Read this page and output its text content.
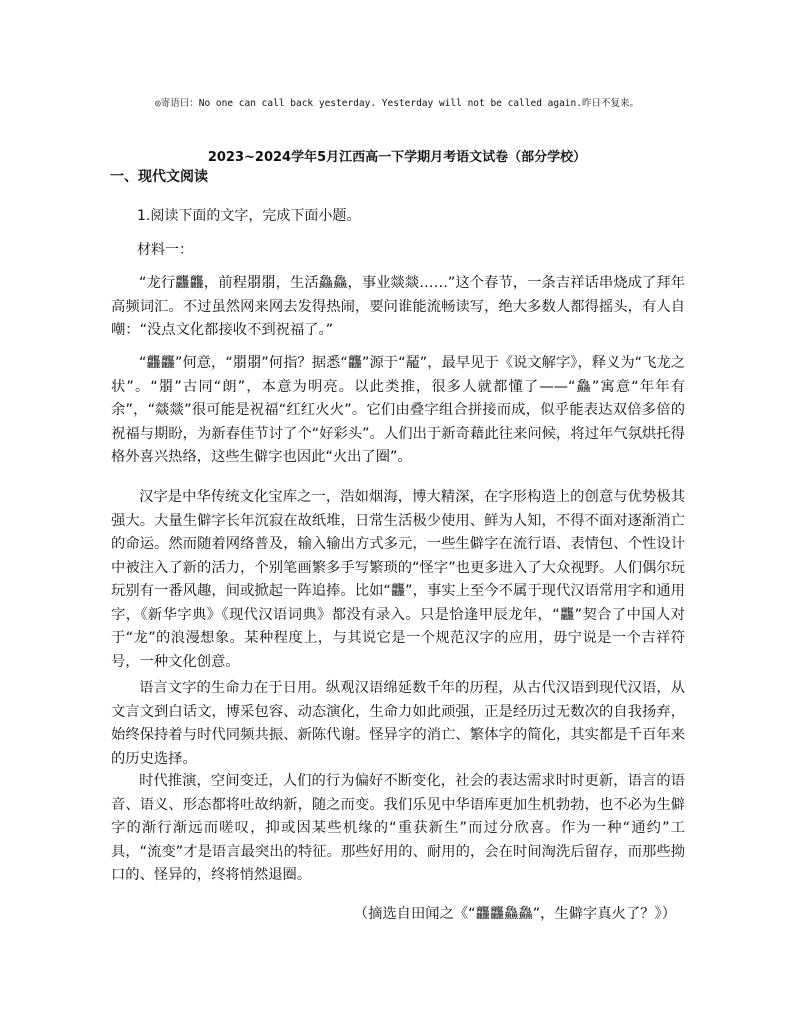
◎寄语曰：No one can call back yesterday. Yesterday will not be called again.昨日不复来。
2023~2024学年5月江西高一下学期月考语文试卷（部分学校）
一、现代文阅读
1.阅读下面的文字，完成下面小题。
材料一：

“龙行龘龘，前程朤朤，生活鱻鱻，事业燚燚……”这个春节，一条吉祥话串烧成了拜年高频词汇。不过虽然网来网去发得热闹，要问谁能流畅读写，绝大多数人都得摇头，有人自嘲：“没点文化都接收不到祝福了。”

“龘龘”何意，“朤朤”何指？据悉“龘”源于“䶬”，最早见于《说文解字》，释义为“飞龙之状”。“朤”古同“朗”，本意为明亮。以此类推，很多人就都懂了——“鱻”寓意“年年有余”，“燚燚”很可能是祝福“红红火火”。它们由叠字组合拼接而成，似乎能表达双倍多倍的祝福与期盼，为新春佳节讨了个“好彩头”。人们出于新奇藉此往来问候，将过年气氛烘托得格外喜兴热络，这些生僻字也因此“火出了圈”。

汉字是中华传统文化宝库之一，浩如烟海，博大精深，在字形构造上的创意与优势极其强大。大量生僻字长年沉寂在故纸堆，日常生活极少使用、鲜为人知，不得不面对逐渐消亡的命运。然而随着网络普及，输入输出方式多元，一些生僻字在流行语、表情包、个性设计中被注入了新的活力，个别笔画繁多手写繁琐的“怪字”也更多进入了大众视野。人们偶尔玩玩别有一番风趣，间或掀起一阵追捧。比如“龘”，事实上至今不属于现代汉语常用字和通用字，《新华字典》《现代汉语词典》都没有录入。只是恰逢甲辰龙年，“龘”契合了中国人对于“龙”的浪漫想象。某种程度上，与其说它是一个规范汉字的应用，毋宁说是一个吉祥符号，一种文化创意。

语言文字的生命力在于日用。纵观汉语绵延数千年的历程，从古代汉语到现代汉语，从文言文到白话文，博采包容、动态演化，生命力如此顽强，正是经历过无数次的自我扬弃，始终保持着与时代同频共振、新陈代谢。怪异字的消亡、繁体字的简化，其实都是千百年来的历史选择。

时代推演，空间变迁，人们的行为偏好不断变化，社会的表达需求时时更新，语言的语音、语义、形态都将吐故纳新，随之而变。我们乐见中华语库更加生机勃勃，也不必为生僻字的渐行渐远而嗟叹，抑或因某些机缘的“重获新生”而过分欣喜。作为一种“通约”工具，“流变”才是语言最突出的特征。那些好用的、耐用的，会在时间淘洗后留存，而那些拗口的、怪异的，终将悄然退圈。

（摘选自田闻之《“龘龘鱻鱻”，生僻字真火了？》）
